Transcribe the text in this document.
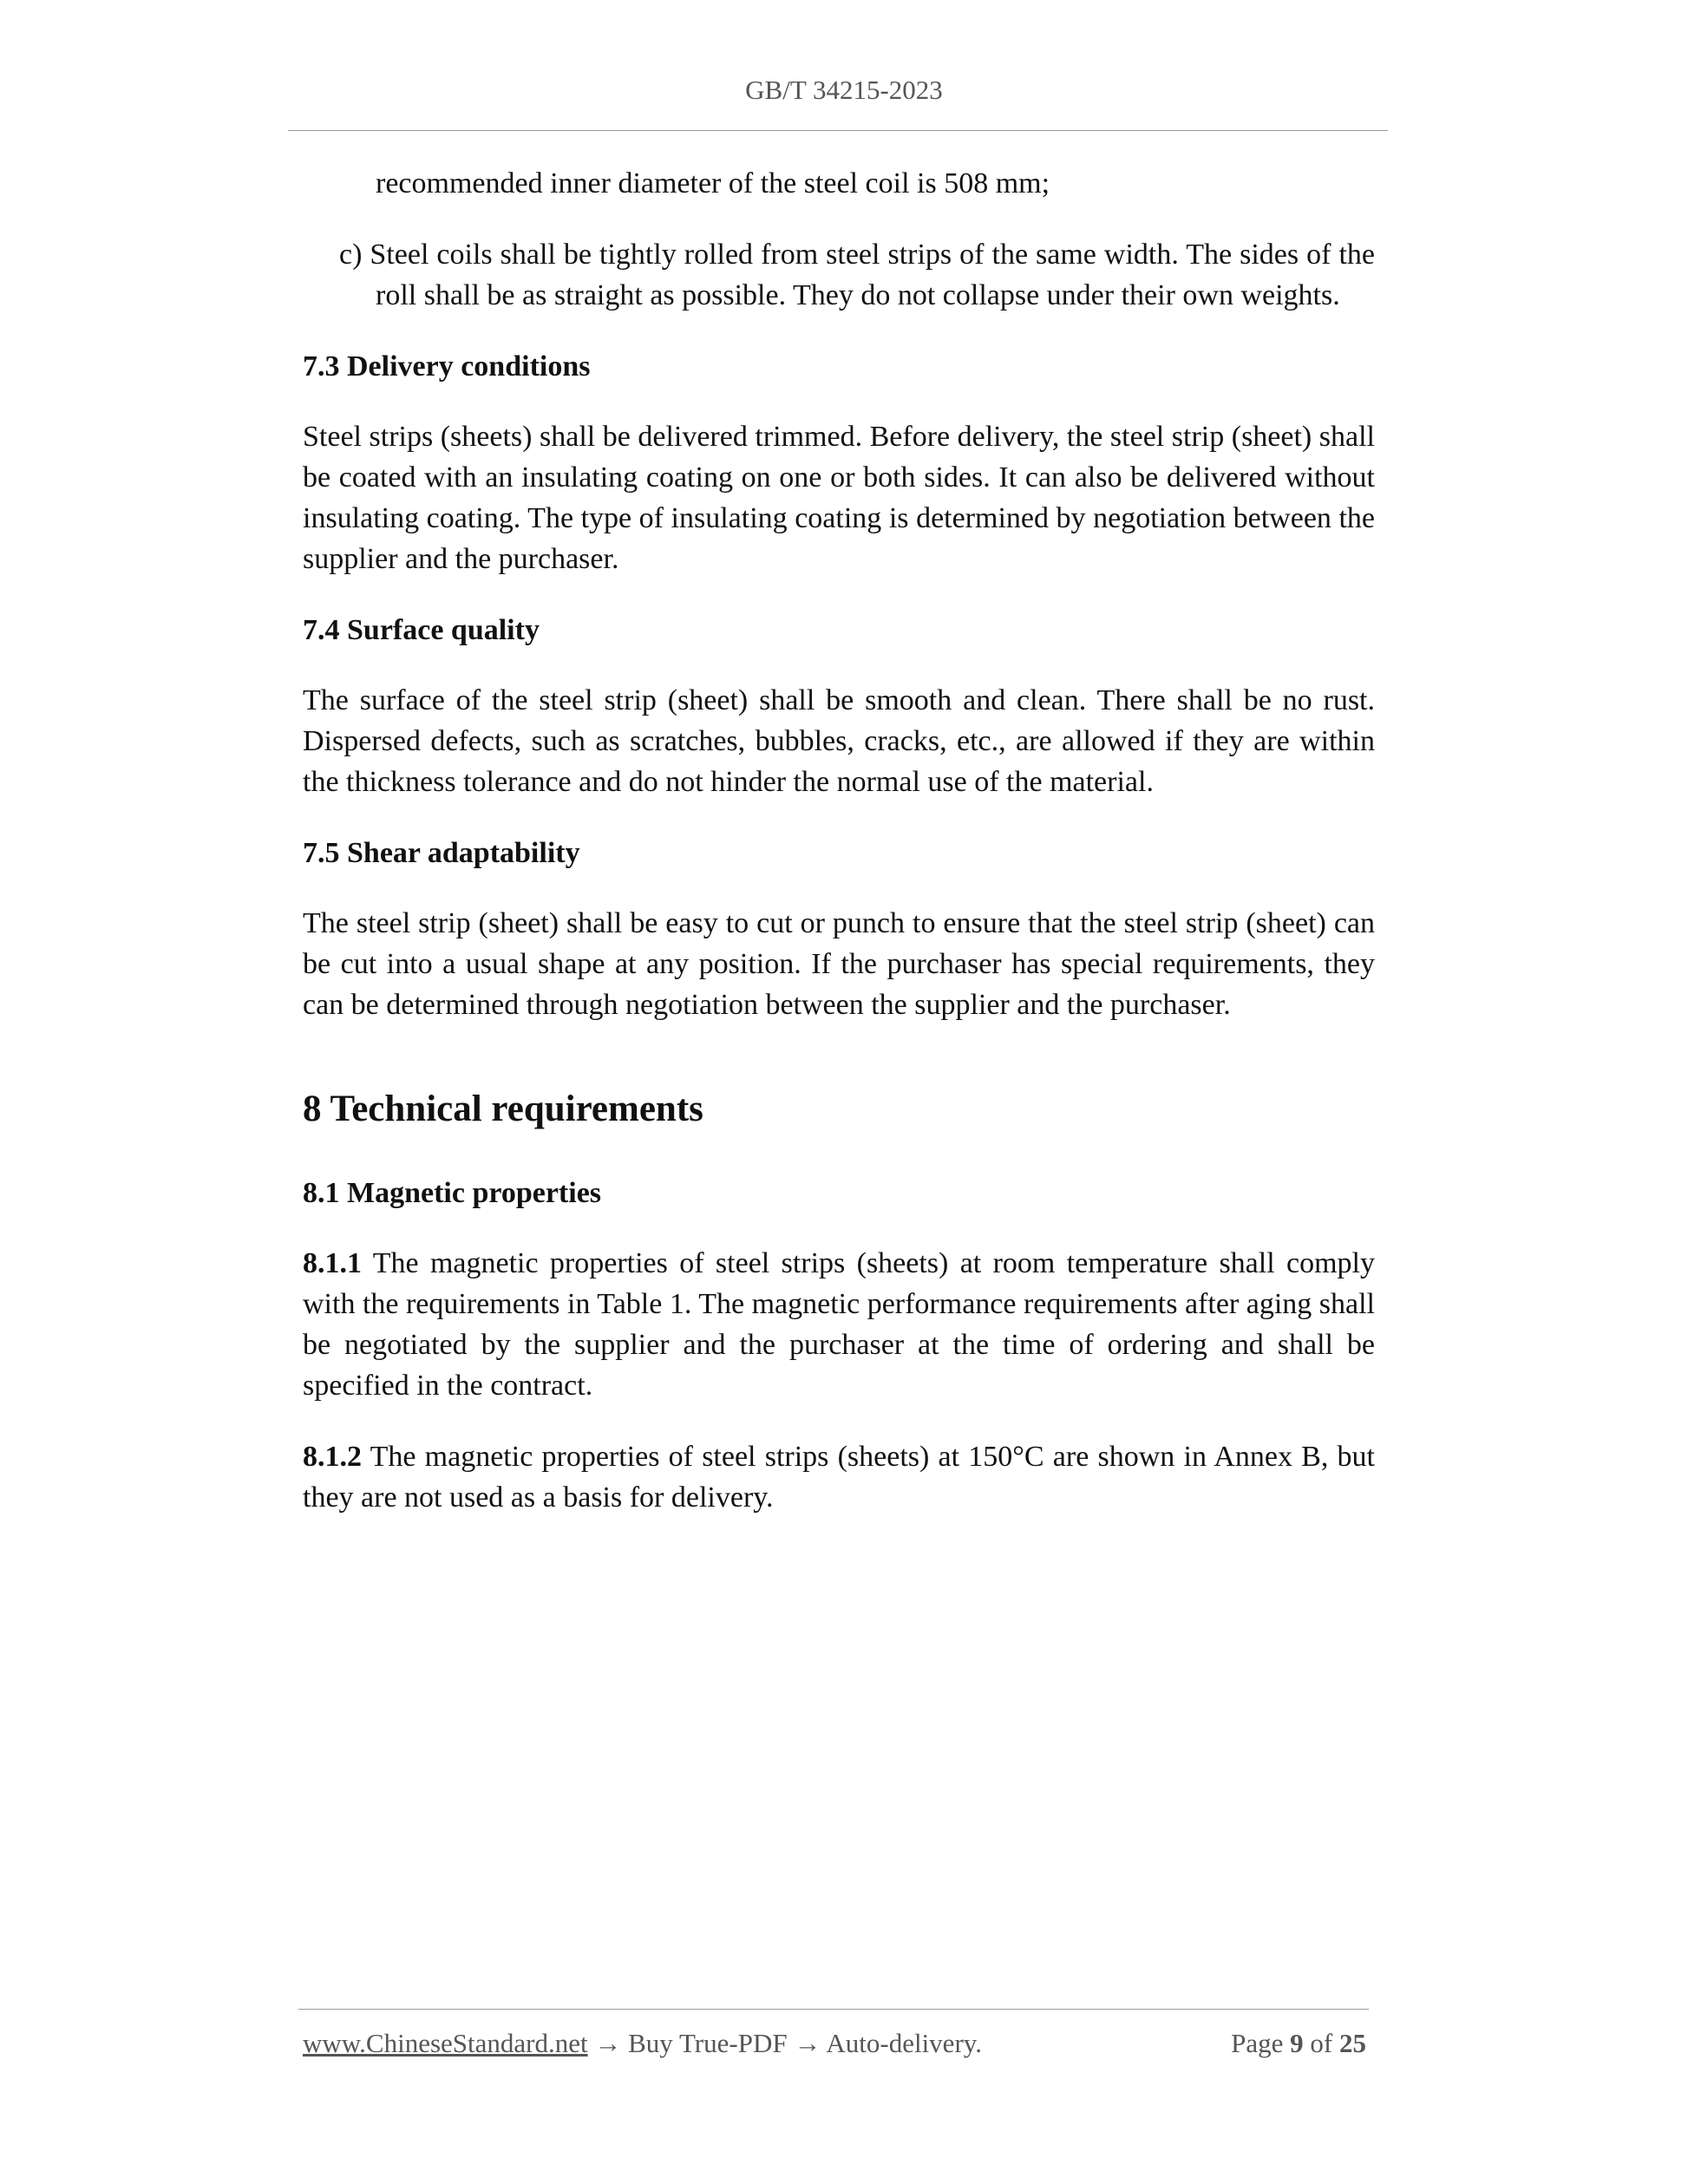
GB/T 34215-2023
recommended inner diameter of the steel coil is 508 mm;
c) Steel coils shall be tightly rolled from steel strips of the same width. The sides of the roll shall be as straight as possible. They do not collapse under their own weights.
7.3 Delivery conditions
Steel strips (sheets) shall be delivered trimmed. Before delivery, the steel strip (sheet) shall be coated with an insulating coating on one or both sides. It can also be delivered without insulating coating. The type of insulating coating is determined by negotiation between the supplier and the purchaser.
7.4 Surface quality
The surface of the steel strip (sheet) shall be smooth and clean. There shall be no rust. Dispersed defects, such as scratches, bubbles, cracks, etc., are allowed if they are within the thickness tolerance and do not hinder the normal use of the material.
7.5 Shear adaptability
The steel strip (sheet) shall be easy to cut or punch to ensure that the steel strip (sheet) can be cut into a usual shape at any position. If the purchaser has special requirements, they can be determined through negotiation between the supplier and the purchaser.
8 Technical requirements
8.1 Magnetic properties
8.1.1 The magnetic properties of steel strips (sheets) at room temperature shall comply with the requirements in Table 1. The magnetic performance requirements after aging shall be negotiated by the supplier and the purchaser at the time of ordering and shall be specified in the contract.
8.1.2 The magnetic properties of steel strips (sheets) at 150°C are shown in Annex B, but they are not used as a basis for delivery.
www.ChineseStandard.net → Buy True-PDF → Auto-delivery.	Page 9 of 25
